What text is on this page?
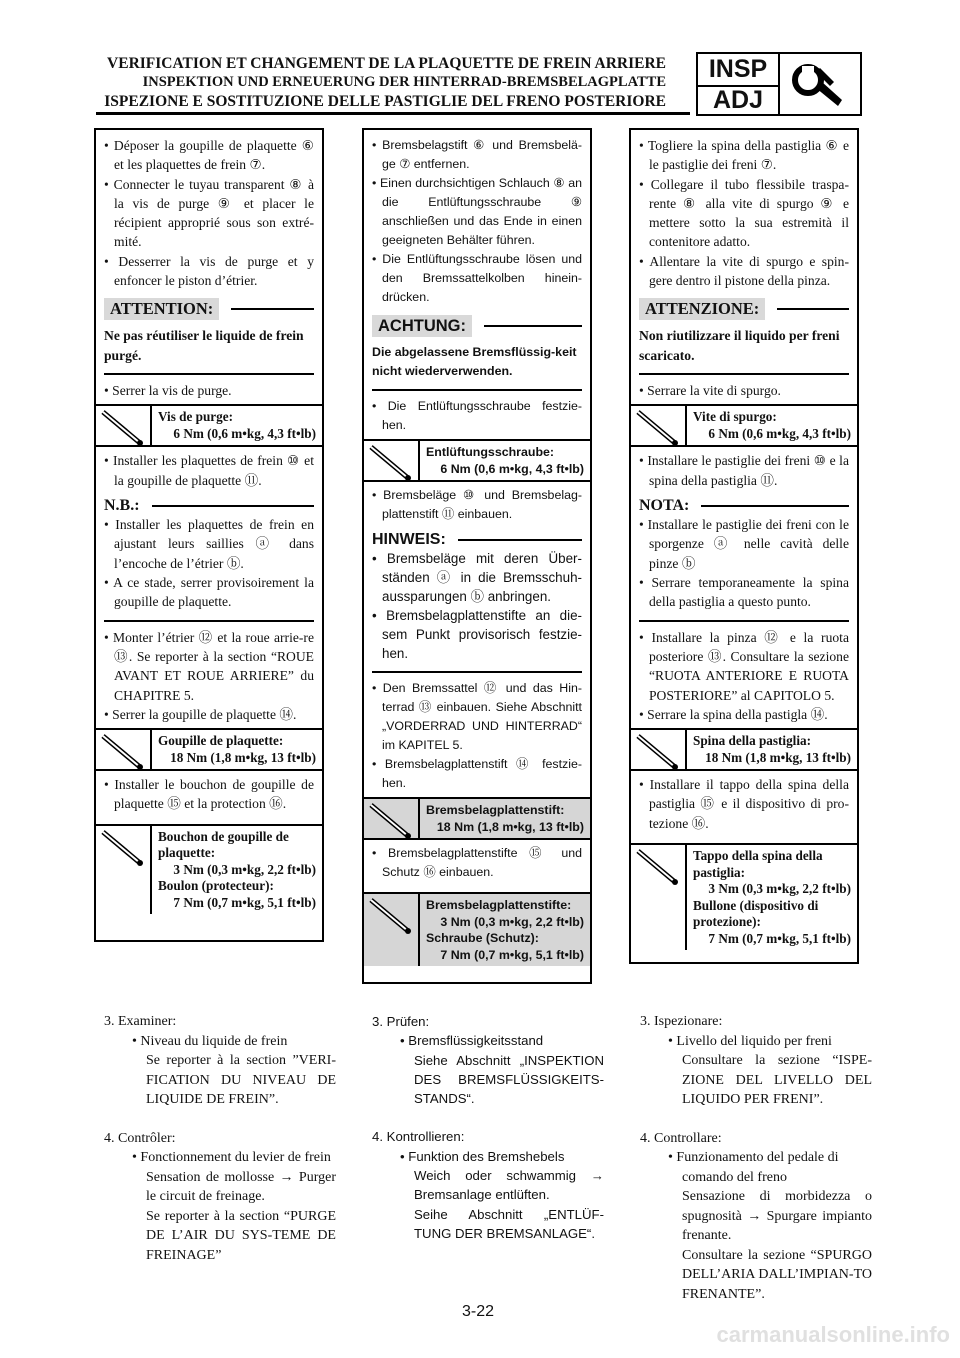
VERIFICATION ET CHANGEMENT DE LA PLAQUETTE DE FREIN ARRIERE
INSPEKTION UND ERNEUERUNG DER HINTERRAD-BREMSBELAGPLATTE
ISPEZIONE E SOSTITUZIONE DELLE PASTIGLIE DEL FRENO POSTERIORE
INSP
ADJ
• Déposer la goupille de plaquette ⑥ et les plaquettes de frein ⑦.
• Connecter le tuyau transparent ⑧ à la vis de purge ⑨ et placer le récipient approprié sous son extré-mité.
• Desserrer la vis de purge et y enfoncer le piston d’étrier.
ATTENTION:
Ne pas réutiliser le liquide de frein purgé.
• Serrer la vis de purge.
Vis de purge:
6 Nm (0,6 m•kg, 4,3 ft•lb)
• Installer les plaquettes de frein ⑩ et la goupille de plaquette ⑪.
N.B.:
• Installer les plaquettes de frein en ajustant leurs saillies ⓐ dans l’encoche de l’étrier ⓑ.
• A ce stade, serrer provisoirement la goupille de plaquette.
• Monter l’étrier ⑫ et la roue arrie-re ⑬. Se reporter à la section “ROUE AVANT ET ROUE ARRIERE” du CHAPITRE 5.
• Serrer la goupille de plaquette ⑭.
Goupille de plaquette:
18 Nm (1,8 m•kg, 13 ft•lb)
• Installer le bouchon de goupille de plaquette ⑮ et la protection ⑯.
Bouchon de goupille de plaquette:
3 Nm (0,3 m•kg, 2,2 ft•lb)
Boulon (protecteur):
7 Nm (0,7 m•kg, 5,1 ft•lb)
• Bremsbelagstift ⑥ und Bremsbelä-ge ⑦ entfernen.
• Einen durchsichtigen Schlauch ⑧ an die Entlüftungsschraube ⑨ anschließen und das Ende in einen geeigneten Behälter führen.
• Die Entlüftungsschraube lösen und den Bremssattelkolben hinein-drücken.
ACHTUNG:
Die abgelassene Bremsflüssig-keit nicht wiederverwenden.
• Die Entlüftungsschraube festzie-hen.
Entlüftungsschraube:
6 Nm (0,6 m•kg, 4,3 ft•lb)
• Bremsbeläge ⑩ und Bremsbelag-plattenstift ⑪ einbauen.
HINWEIS:
• Bremsbeläge mit deren Über-ständen ⓐ in die Bremsschuh-aussparungen ⓑ anbringen.
• Bremsbelagplattenstifte an die-sem Punkt provisorisch festzie-hen.
• Den Bremssattel ⑫ und das Hin-terrad ⑬ einbauen. Siehe Abschnitt „VORDERRAD UND HINTERRAD“ im KAPITEL 5.
• Bremsbelagplattenstift ⑭ festzie-hen.
Bremsbelagplattenstift:
18 Nm (1,8 m•kg, 13 ft•lb)
• Bremsbelagplattenstifte ⑮ und Schutz ⑯ einbauen.
Bremsbelagplattenstifte:
3 Nm (0,3 m•kg, 2,2 ft•lb)
Schraube (Schutz):
7 Nm (0,7 m•kg, 5,1 ft•lb)
• Togliere la spina della pastiglia ⑥ e le pastiglie dei freni ⑦.
• Collegare il tubo flessibile traspa-rente ⑧ alla vite di spurgo ⑨ e mettere sotto la sua estremità il contenitore adatto.
• Allentare la vite di spurgo e spin-gere dentro il pistone della pinza.
ATTENZIONE:
Non riutilizzare il liquido per freni scaricato.
• Serrare la vite di spurgo.
Vite di spurgo:
6 Nm (0,6 m•kg, 4,3 ft•lb)
• Installare le pastiglie dei freni ⑩ e la spina della pastiglia ⑪.
NOTA:
• Installare le pastiglie dei freni con le sporgenze ⓐ nelle cavità delle pinze ⓑ
• Serrare temporaneamente la spina della pastiglia a questo punto.
• Installare la pinza ⑫ e la ruota posteriore ⑬. Consultare la sezione “RUOTA ANTERIORE E RUOTA POSTERIORE” al CAPITOLO 5.
• Serrare la spina della pastigla ⑭.
Spina della pastiglia:
18 Nm (1,8 m•kg, 13 ft•lb)
• Installare il tappo della spina della pastiglia ⑮ e il dispositivo di pro-tezione ⑯.
Tappo della spina della pastiglia:
3 Nm (0,3 m•kg, 2,2 ft•lb)
Bullone (dispositivo di protezione):
7 Nm (0,7 m•kg, 5,1 ft•lb)
3. Examiner:
• Niveau du liquide de frein
Se reporter à la section ”VERI-FICATION DU NIVEAU DE LIQUIDE DE FREIN”.
4. Contrôler:
• Fonctionnement du levier de frein
Sensation de mollosse → Purger le circuit de freinage.
Se reporter à la section “PURGE DE L’AIR DU SYS-TEME DE FREINAGE”
3. Prüfen:
• Bremsflüssigkeitsstand
Siehe Abschnitt „INSPEKTION DES BREMSFLÜSSIGKEITS-STANDS“.
4. Kontrollieren:
• Funktion des Bremshebels
Weich oder schwammig → Bremsanlage entlüften.
Seihe Abschnitt „ENTLÜF-TUNG DER BREMSANLAGE“.
3. Ispezionare:
• Livello del liquido per freni
Consultare la sezione “ISPE-ZIONE DEL LIVELLO DEL LIQUIDO PER FRENI”.
4. Controllare:
• Funzionamento del pedale di comando del freno
Sensazione di morbidezza o spugnosità → Spurgare impianto frenante.
Consultare la sezione “SPURGO DELL’ARIA DALL’IMPIAN-TO FRENANTE”.
3-22
carmanualsonline.info
